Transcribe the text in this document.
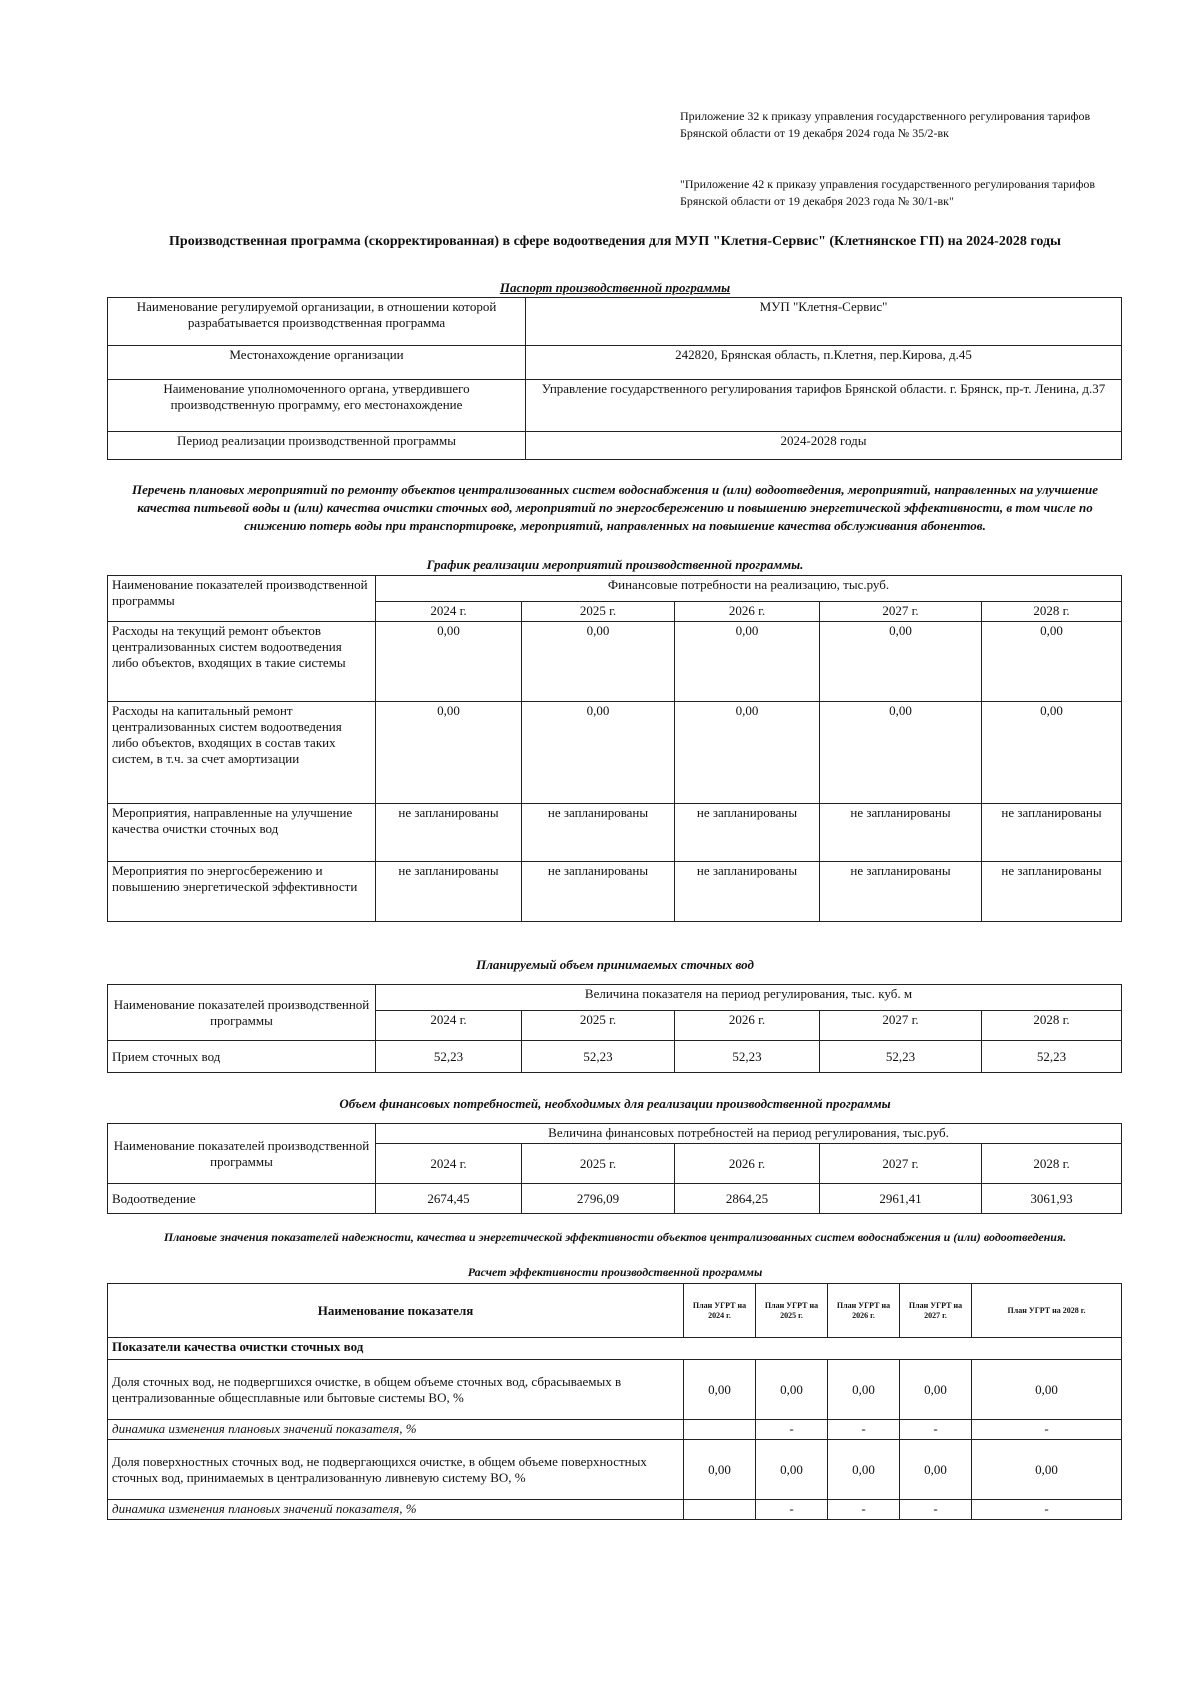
Приложение 32 к приказу управления государственного регулирования тарифов Брянской области от 19 декабря 2024 года № 35/2-вк
"Приложение 42 к приказу управления государственного регулирования тарифов Брянской области от 19 декабря 2023 года № 30/1-вк"
Производственная программа (скорректированная) в сфере водоотведения для МУП "Клетня-Сервис" (Клетнянское ГП) на 2024-2028 годы
Паспорт производственной программы
Наименование регулируемой организации, в отношении которой разрабатывается производственная программа	МУП "Клетня-Сервис"
Местонахождение организации	242820, Брянская область, п.Клетня, пер.Кирова, д.45
Наименование уполномоченного органа, утвердившего производственную программу, его местонахождение	Управление государственного регулирования тарифов Брянской области. г. Брянск, пр-т. Ленина, д.37
Период реализации производственной программы	2024-2028 годы
Перечень плановых мероприятий по ремонту объектов централизованных систем водоснабжения и (или) водоотведения, мероприятий, направленных на улучшение качества питьевой воды и (или) качества очистки сточных вод, мероприятий по энергосбережению и повышению энергетической эффективности, в том числе по снижению потерь воды при транспортировке, мероприятий, направленных на повышение качества обслуживания абонентов.
График реализации мероприятий производственной программы.
Наименование показателей производственной программы	Финансовые потребности на реализацию, тыс.руб.				
	2024 г.	2025 г.	2026 г.	2027 г.	2028 г.
Расходы на текущий ремонт объектов централизованных систем водоотведения либо объектов, входящих в такие системы	0,00	0,00	0,00	0,00	0,00
Расходы на капитальный ремонт централизованных систем водоотведения либо объектов, входящих в состав таких систем, в т.ч. за счет амортизации	0,00	0,00	0,00	0,00	0,00
Мероприятия, направленные на улучшение качества очистки сточных вод	не запланированы	не запланированы	не запланированы	не запланированы	не запланированы
Мероприятия по энергосбережению и повышению энергетической эффективности	не запланированы	не запланированы	не запланированы	не запланированы	не запланированы
Планируемый объем принимаемых сточных вод
Наименование показателей производственной программы	Величина показателя на период регулирования, тыс. куб. м				
	2024 г.	2025 г.	2026 г.	2027 г.	2028 г.
Прием сточных вод	52,23	52,23	52,23	52,23	52,23
Объем финансовых потребностей, необходимых для реализации производственной программы
Наименование показателей производственной программы	Величина финансовых потребностей на период регулирования, тыс.руб.				
	2024 г.	2025 г.	2026 г.	2027 г.	2028 г.
Водоотведение	2674,45	2796,09	2864,25	2961,41	3061,93
Плановые значения показателей надежности, качества и энергетической эффективности объектов централизованных систем водоснабжения и (или) водоотведения.
Расчет эффективности производственной программы
Наименование показателя	План УГРТ на 2024 г.	План УГРТ на 2025 г.	План УГРТ на 2026 г.	План УГРТ на 2027 г.	План УГРТ на 2028 г.
Показатели качества очистки сточных вод					
Доля сточных вод, не подвергшихся очистке, в общем объеме сточных вод, сбрасываемых в централизованные общесплавные или бытовые системы ВО, %	0,00	0,00	0,00	0,00	0,00
динамика изменения плановых значений показателя, %		-	-	-	-
Доля поверхностных сточных вод, не подвергающихся очистке, в общем объеме поверхностных сточных вод, принимаемых в централизованную ливневую систему ВО, %	0,00	0,00	0,00	0,00	0,00
динамика изменения плановых значений показателя, %		-	-	-	-
